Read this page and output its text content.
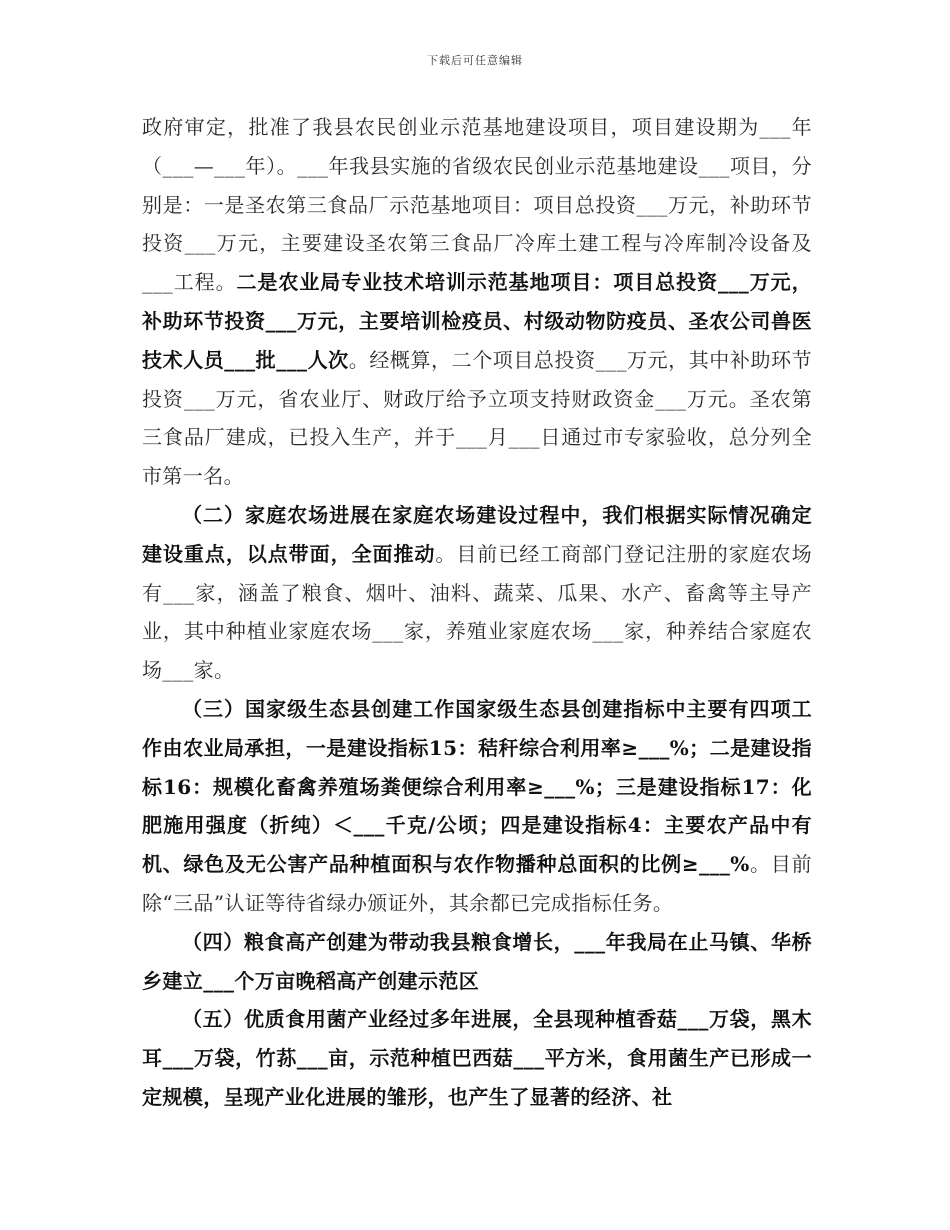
下载后可任意编辑

政府审定，批准了我县农民创业示范基地建设项目，项目建设期为___年（___—___年）。___年我县实施的省级农民创业示范基地建设___项目，分别是：一是圣农第三食品厂示范基地项目：项目总投资___万元，补助环节投资___万元，主要建设圣农第三食品厂冷库土建工程与冷库制冷设备及___工程。二是农业局专业技术培训示范基地项目：项目总投资___万元，补助环节投资___万元，主要培训检疫员、村级动物防疫员、圣农公司兽医技术人员___批___人次。经概算，二个项目总投资___万元，其中补助环节投资___万元，省农业厅、财政厅给予立项支持财政资金___万元。圣农第三食品厂建成，已投入生产，并于___月___日通过市专家验收，总分列全市第一名。

（二）家庭农场进展在家庭农场建设过程中，我们根据实际情况确定建设重点，以点带面，全面推动。目前已经工商部门登记注册的家庭农场有___家，涵盖了粮食、烟叶、油料、蔬菜、瓜果、水产、畜禽等主导产业，其中种植业家庭农场___家，养殖业家庭农场___家，种养结合家庭农场___家。

（三）国家级生态县创建工作国家级生态县创建指标中主要有四项工作由农业局承担，一是建设指标15：秸秆综合利用率≥___%；二是建设指标16：规模化畜禽养殖场粪便综合利用率≥___%；三是建设指标17：化肥施用强度（折纯）＜___千克/公顷；四是建设指标4：主要农产品中有机、绿色及无公害产品种植面积与农作物播种总面积的比例≥___%。目前除“三品”认证等待省绿办颁证外，其余都已完成指标任务。

（四）粮食高产创建为带动我县粮食增长，___年我局在止马镇、华桥乡建立___个万亩晚稻高产创建示范区

（五）优质食用菌产业经过多年进展，全县现种植香菇___万袋，黑木耳___万袋，竹荪___亩，示范种植巴西菇___平方米，食用菌生产已形成一定规模，呈现产业化进展的雏形，也产生了显著的经济、社
